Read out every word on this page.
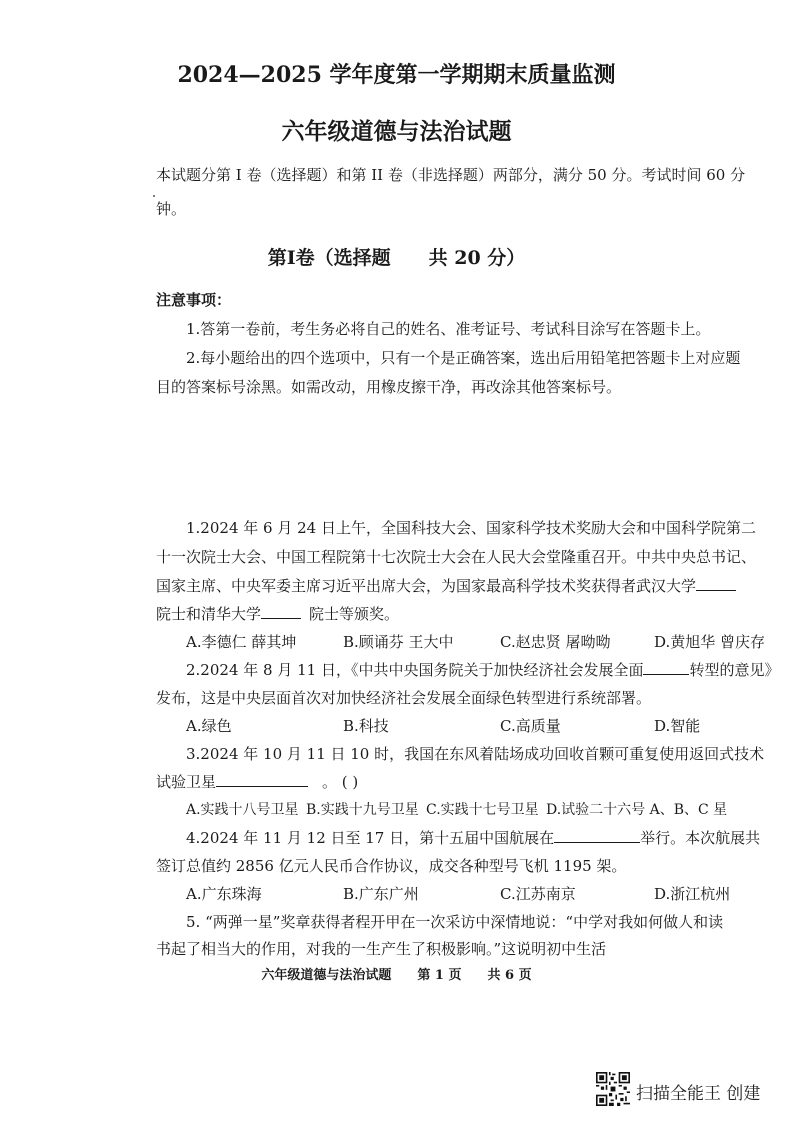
2024—2025 学年度第一学期期末质量监测
六年级道德与法治试题
本试题分第 I 卷（选择题）和第 II 卷（非选择题）两部分，满分 50 分。考试时间 60 分
钟。
第I卷（选择题　　共 20 分）
注意事项：
1.答第一卷前，考生务必将自己的姓名、准考证号、考试科目涂写在答题卡上。
2.每小题给出的四个选项中，只有一个是正确答案，选出后用铅笔把答题卡上对应题
目的答案标号涂黑。如需改动，用橡皮擦干净，再改涂其他答案标号。
1.2024 年 6 月 24 日上午，全国科技大会、国家科学技术奖励大会和中国科学院第二
十一次院士大会、中国工程院第十七次院士大会在人民大会堂隆重召开。中共中央总书记、
国家主席、中央军委主席习近平出席大会，为国家最高科学技术奖获得者武汉大学
院士和清华大学	院士等颁奖。
A.李德仁 薛其坤	B.顾诵芬 王大中	C.赵忠贤 屠呦呦	D.黄旭华 曾庆存
2.2024 年 8 月 11 日，《中共中央国务院关于加快经济社会发展全面	转型的意见》
发布，这是中央层面首次对加快经济社会发展全面绿色转型进行系统部署。
A.绿色	B.科技	C.高质量	D.智能
3.2024 年 10 月 11 日 10 时，我国在东风着陆场成功回收首颗可重复使用返回式技术
试验卫星	。 ( )
A.实践十八号卫星 B.实践十九号卫星 C.实践十七号卫星 D.试验二十六号 A、B、C 星
4.2024 年 11 月 12 日至 17 日，第十五届中国航展在	举行。本次航展共
签订总值约 2856 亿元人民币合作协议，成交各种型号飞机 1195 架。
A.广东珠海	B.广东广州	C.江苏南京	D.浙江杭州
5. “两弹一星”奖章获得者程开甲在一次采访中深情地说：“中学对我如何做人和读
书起了相当大的作用，对我的一生产生了积极影响。”这说明初中生活
六年级道德与法治试题　　第 1 页　　共 6 页
扫描全能王 创建
